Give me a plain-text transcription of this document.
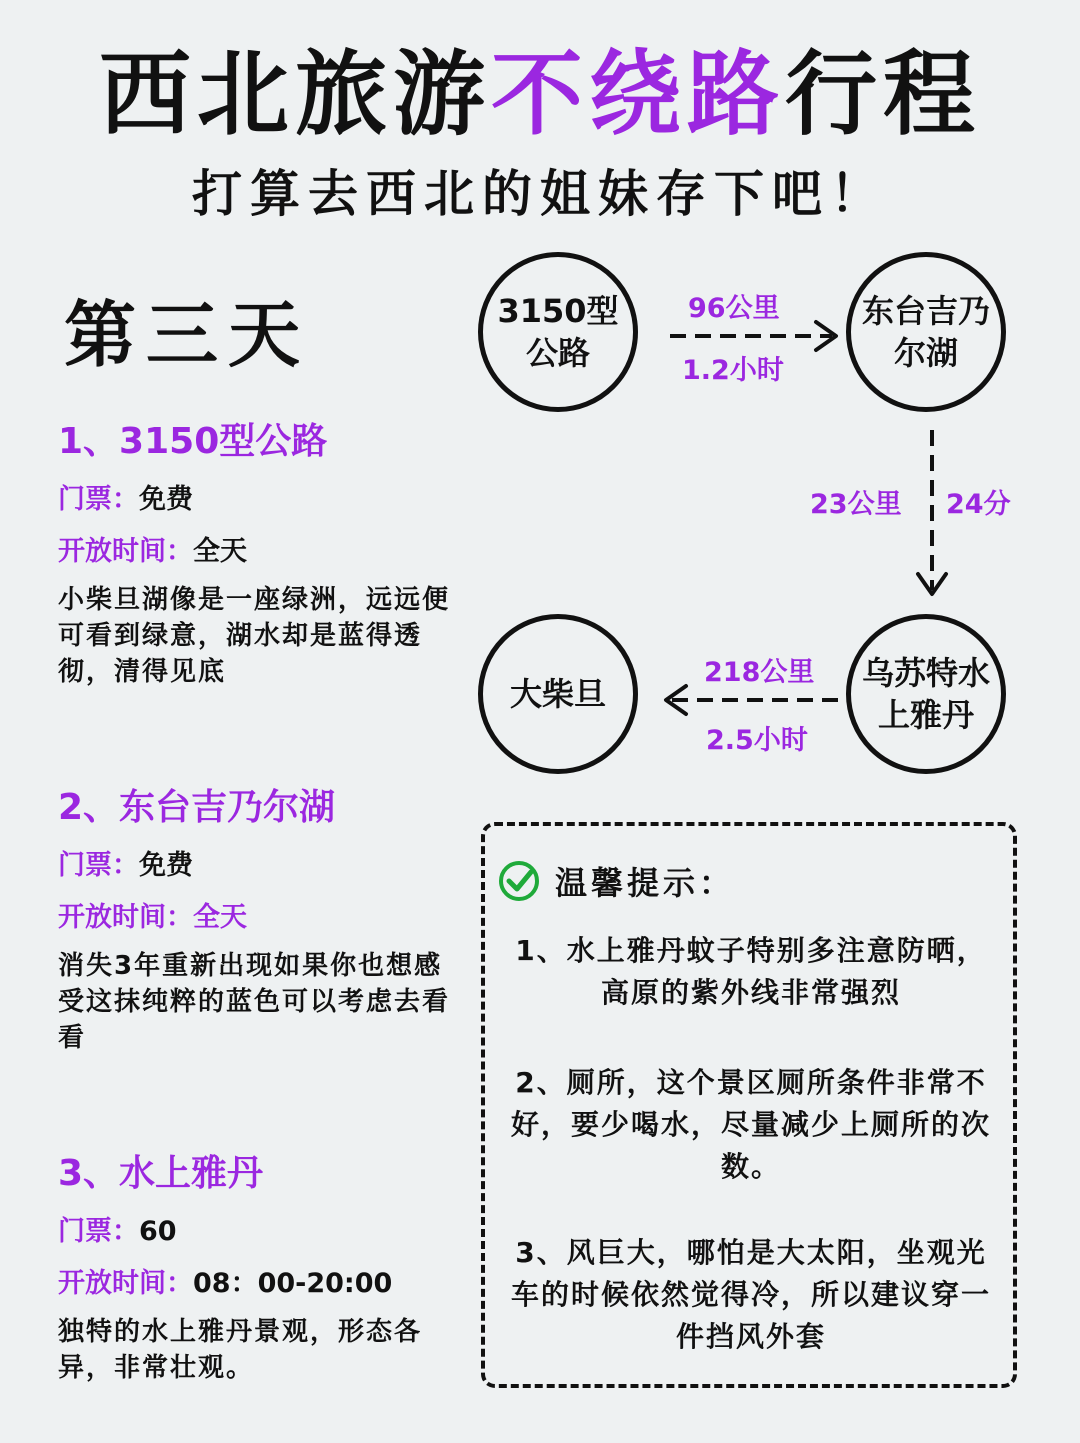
西北旅游不绕路行程
打算去西北的姐妹存下吧！
第三天
1、3150型公路
门票：免费
开放时间：全天
小柴旦湖像是一座绿洲，远远便可看到绿意，湖水却是蓝得透彻，清得见底
2、东台吉乃尔湖
门票：免费
开放时间：全天
消失3年重新出现如果你也想感受这抹纯粹的蓝色可以考虑去看看
3、水上雅丹
门票：60
开放时间：08：00-20:00
独特的水上雅丹景观，形态各异，非常壮观。
3150型公路
东台吉乃尔湖
乌苏特水上雅丹
大柴旦
96公里
1.2小时
23公里 24分
218公里
2.5小时
温馨提示：
1、水上雅丹蚊子特别多注意防晒，高原的紫外线非常强烈
2、厕所，这个景区厕所条件非常不好，要少喝水，尽量减少上厕所的次数。
3、风巨大，哪怕是大太阳，坐观光车的时候依然觉得冷，所以建议穿一件挡风外套
